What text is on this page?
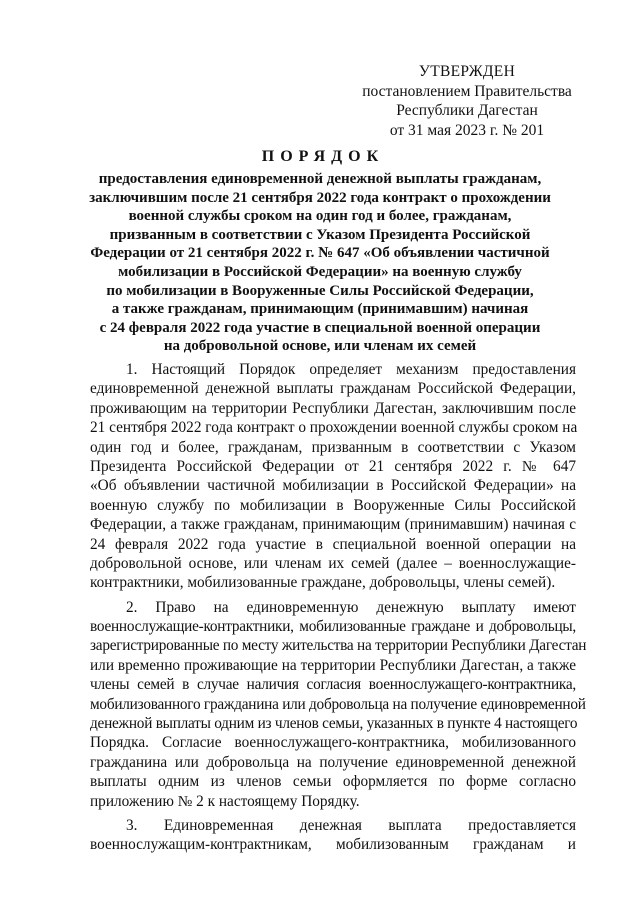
УТВЕРЖДЕН
постановлением Правительства
Республики Дагестан
от 31 мая 2023 г. № 201
ПОРЯДОК
предоставления единовременной денежной выплаты гражданам,
заключившим после 21 сентября 2022 года контракт о прохождении
военной службы сроком на один год и более, гражданам,
призванным в соответствии с Указом Президента Российской
Федерации от 21 сентября 2022 г. № 647 «Об объявлении частичной
мобилизации в Российской Федерации» на военную службу
по мобилизации в Вооруженные Силы Российской Федерации,
а также гражданам, принимающим (принимавшим) начиная
с 24 февраля 2022 года участие в специальной военной операции
на добровольной основе, или членам их семей
1. Настоящий Порядок определяет механизм предоставления
единовременной денежной выплаты гражданам Российской Федерации,
проживающим на территории Республики Дагестан, заключившим после
21 сентября 2022 года контракт о прохождении военной службы сроком на
один год и более, гражданам, призванным в соответствии с Указом
Президента Российской Федерации от 21 сентября 2022 г. № 647
«Об объявлении частичной мобилизации в Российской Федерации» на
военную службу по мобилизации в Вооруженные Силы Российской
Федерации, а также гражданам, принимающим (принимавшим) начиная с
24 февраля 2022 года участие в специальной военной операции на
добровольной основе, или членам их семей (далее – военнослужащие-
контрактники, мобилизованные граждане, добровольцы, члены семей).
2. Право на единовременную денежную выплату имеют
военнослужащие-контрактники, мобилизованные граждане и добровольцы,
зарегистрированные по месту жительства на территории Республики Дагестан
или временно проживающие на территории Республики Дагестан, а также
члены семей в случае наличия согласия военнослужащего-контрактника,
мобилизованного гражданина или добровольца на получение единовременной
денежной выплаты одним из членов семьи, указанных в пункте 4 настоящего
Порядка. Согласие военнослужащего-контрактника, мобилизованного
гражданина или добровольца на получение единовременной денежной
выплаты одним из членов семьи оформляется по форме согласно
приложению № 2 к настоящему Порядку.
3. Единовременная денежная выплата предоставляется
военнослужащим-контрактникам, мобилизованным гражданам и
